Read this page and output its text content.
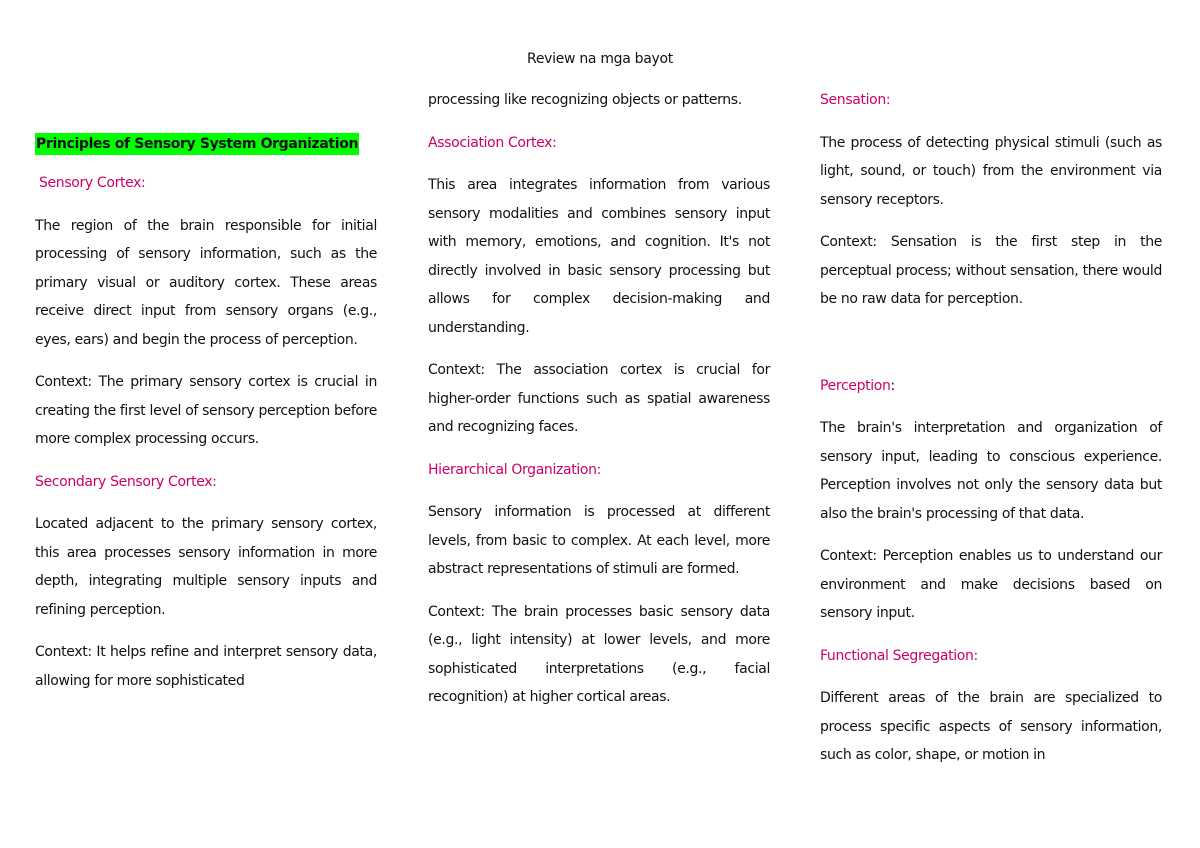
Review na mga bayot
Principles of Sensory System Organization
Sensory Cortex:

The region of the brain responsible for initial processing of sensory information, such as the primary visual or auditory cortex. These areas receive direct input from sensory organs (e.g., eyes, ears) and begin the process of perception.

Context: The primary sensory cortex is crucial in creating the first level of sensory perception before more complex processing occurs.

Secondary Sensory Cortex:

Located adjacent to the primary sensory cortex, this area processes sensory information in more depth, integrating multiple sensory inputs and refining perception.

Context: It helps refine and interpret sensory data, allowing for more sophisticated

processing like recognizing objects or patterns.

Association Cortex:

This area integrates information from various sensory modalities and combines sensory input with memory, emotions, and cognition. It's not directly involved in basic sensory processing but allows for complex decision-making and understanding.

Context: The association cortex is crucial for higher-order functions such as spatial awareness and recognizing faces.

Hierarchical Organization:

Sensory information is processed at different levels, from basic to complex. At each level, more abstract representations of stimuli are formed.

Context: The brain processes basic sensory data (e.g., light intensity) at lower levels, and more sophisticated interpretations (e.g., facial recognition) at higher cortical areas.

Sensation:

The process of detecting physical stimuli (such as light, sound, or touch) from the environment via sensory receptors.

Context: Sensation is the first step in the perceptual process; without sensation, there would be no raw data for perception.

Perception:

The brain's interpretation and organization of sensory input, leading to conscious experience. Perception involves not only the sensory data but also the brain's processing of that data.

Context: Perception enables us to understand our environment and make decisions based on sensory input.

Functional Segregation:

Different areas of the brain are specialized to process specific aspects of sensory information, such as color, shape, or motion in
